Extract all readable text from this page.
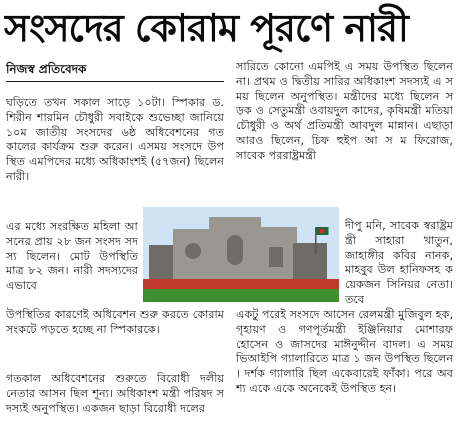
সংসদের কোরাম পূরণে নারী
নিজস্ব প্রতিবেদক
ঘড়িতে তখন সকাল সাড়ে ১০টা। স্পিকার ড. শিরীন শারমিন চৌধুরী সবাইকে শুভেচ্ছা জানিয়ে ১০ম জাতীয় সংসদের ৬ষ্ঠ অধিবেশনের গতকালের কার্যক্রম শুরু করেন। এসময় সংসদে উপস্থিত এমপিদের মধ্যে অধিকাংশই (৫৭জন) ছিলেন নারী।
এর মধ্যে সংরক্ষিত মহিলা আসনের প্রায় ২৮ জন সংসদ সদস্য ছিলেন। মোট উপস্থিতি মাত্র ৮২ জন। নারী সদস্যদের এভাবে
উপস্থিতির কারণেই অধিবেশন শুরু করতে কোরাম সংকটে পড়তে হচ্ছে না স্পিকারকে।
গতকাল অধিবেশনের শুরুতে বিরোধী দলীয় নেতার আসন ছিল শূন্য। অধিকাংশ মন্ত্রী পরিষদ সদস্যই অনুপস্থিত। একজন ছাড়া বিরোধী দলের
সারিতে কোনো এমপিই এ সময় উপস্থিত ছিলেন না। প্রথম ও দ্বিতীয় সারির অধিকাংশ সদস্যই এ সময় ছিলেন অনুপস্থিত। মন্ত্রীদের মধ্যে ছিলেন সড়ক ও সেতুমন্ত্রী ওবায়দুল কাদের, কৃষিমন্ত্রী মতিয়া চৌধুরী ও অর্থ প্রতিমন্ত্রী আবদুল মান্নান। এছাড়া আরও ছিলেন, চিফ হুইপ আ স ম ফিরোজ, সাবেক পররাষ্ট্রমন্ত্রী
দীপু মনি, সাবেক স্বরাষ্ট্রমন্ত্রী সাহারা খাতুন, জাহাঙ্গীর কবির নানক, মাহবুব উল হানিফসহ কয়েকজন সিনিয়র নেতা। তবে
একটু পরেই সংসদে আসেন রেলমন্ত্রী মুজিবুল হক, গৃহায়ণ ও গণপূর্তমন্ত্রী ইঞ্জিনিয়ার মোশারফ হোসেন ও জাসদের মাঈনুদ্দীন বাদল। এ সময় ভিআইপি গ্যালারিতে মাত্র ১ জন উপস্থিত ছিলেন। দর্শক গ্যালারি ছিল একেবারেই ফাঁকা। পরে অবশ্য একে একে অনেকেই উপস্থিত হন।
